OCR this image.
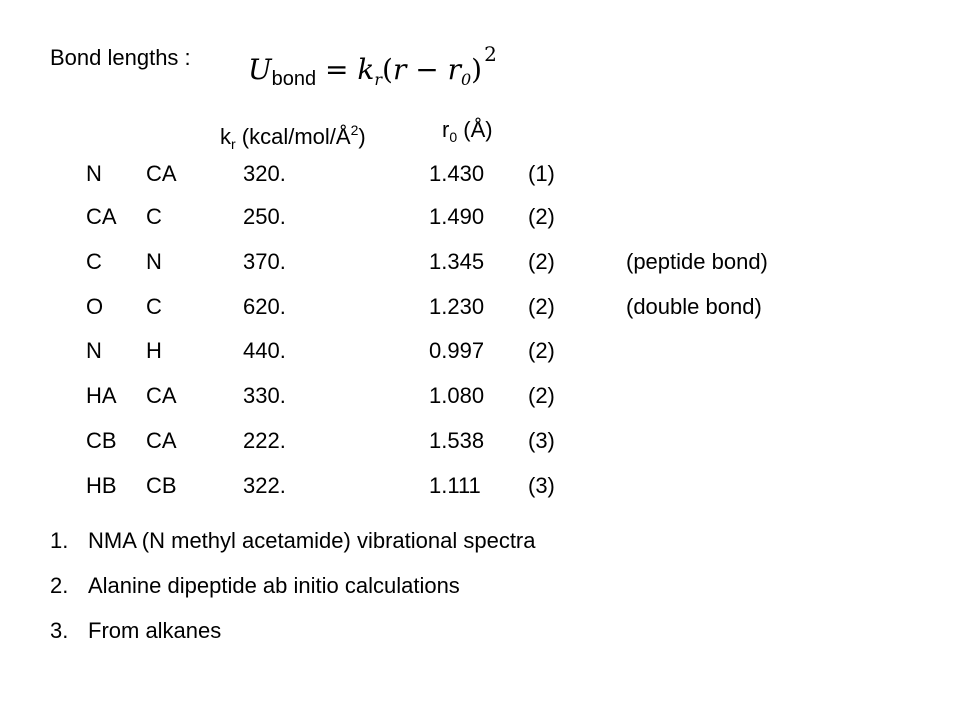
Bond lengths : $U_{bond} = k_r(r - r_0)$ $^2$
$k_r$ $(kcal/mol/Å^2)$	$r_0$ (Å)
N CA	320.	1.430 (1)
CA C	250.	1.490 (2)
C N	370.	1.345 (2)	(peptide bond)
O C	620.	1.230 (2)	(double bond)
N H	440.	0.997 (2)
HA CA	330.	1.080 (2)
CB CA	222.	1.538 (3)
HB CB	322.	1.111 (3)
1. NMA (N methyl acetamide) vibrational spectra
2. Alanine dipeptide ab initio calculations
3. From alkanes
